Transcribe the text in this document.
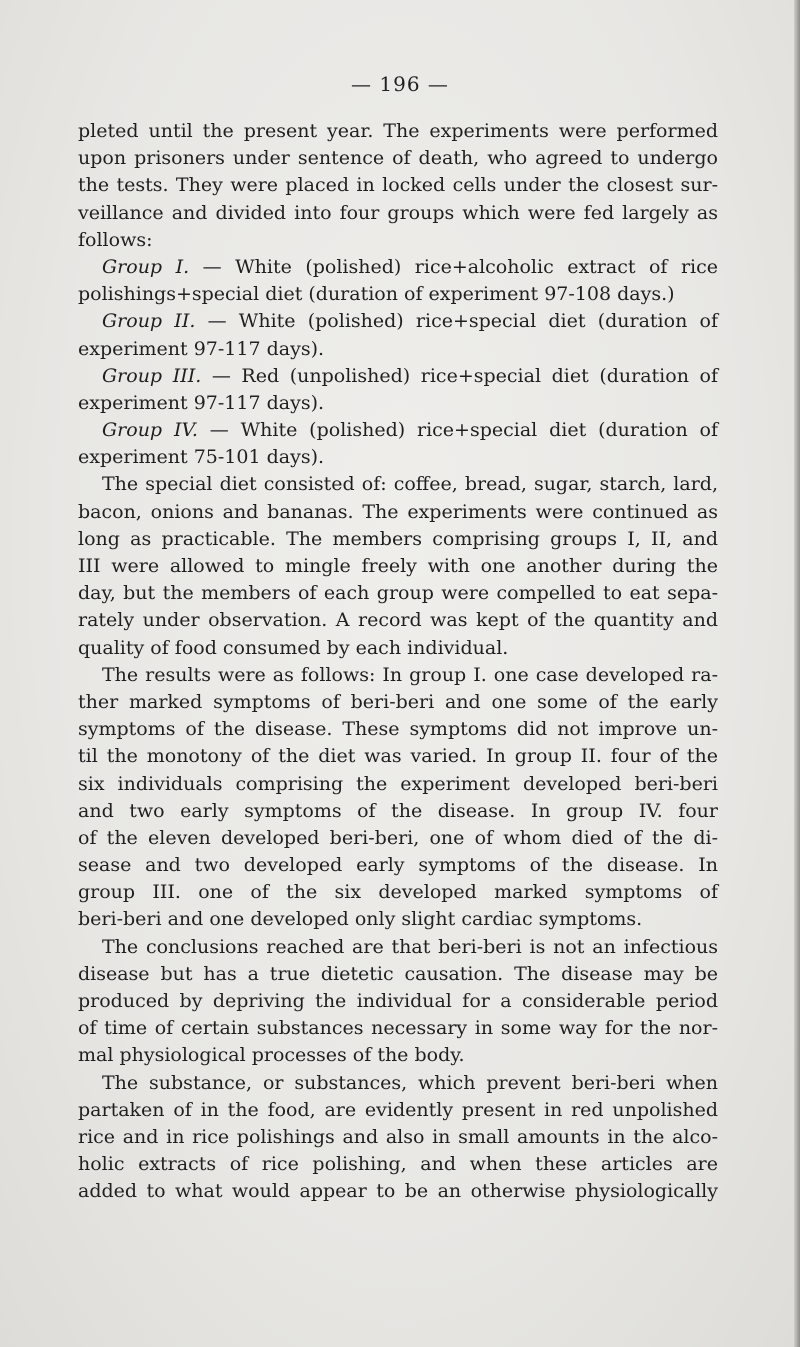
— 196 —
pleted until the present year. The experiments were performed
upon prisoners under sentence of death, who agreed to undergo
the tests. They were placed in locked cells under the closest sur-
veillance and divided into four groups which were fed largely as
follows:
Group I. — White (polished) rice+alcoholic extract of rice
polishings+special diet (duration of experiment 97-108 days.)
Group II. — White (polished) rice+special diet (duration of
experiment 97-117 days).
Group III. — Red (unpolished) rice+special diet (duration of
experiment 97-117 days).
Group IV. — White (polished) rice+special diet (duration of
experiment 75-101 days).
The special diet consisted of: coffee, bread, sugar, starch, lard,
bacon, onions and bananas. The experiments were continued as
long as practicable. The members comprising groups I, II, and
III were allowed to mingle freely with one another during the
day, but the members of each group were compelled to eat sepa-
rately under observation. A record was kept of the quantity and
quality of food consumed by each individual.
The results were as follows: In group I. one case developed ra-
ther marked symptoms of beri-beri and one some of the early
symptoms of the disease. These symptoms did not improve un-
til the monotony of the diet was varied. In group II. four of the
six individuals comprising the experiment developed beri-beri
and two early symptoms of the disease. In group IV. four
of the eleven developed beri-beri, one of whom died of the di-
sease and two developed early symptoms of the disease. In
group III. one of the six developed marked symptoms of
beri-beri and one developed only slight cardiac symptoms.
The conclusions reached are that beri-beri is not an infectious
disease but has a true dietetic causation. The disease may be
produced by depriving the individual for a considerable period
of time of certain substances necessary in some way for the nor-
mal physiological processes of the body.
The substance, or substances, which prevent beri-beri when
partaken of in the food, are evidently present in red unpolished
rice and in rice polishings and also in small amounts in the alco-
holic extracts of rice polishing, and when these articles are
added to what would appear to be an otherwise physiologically
